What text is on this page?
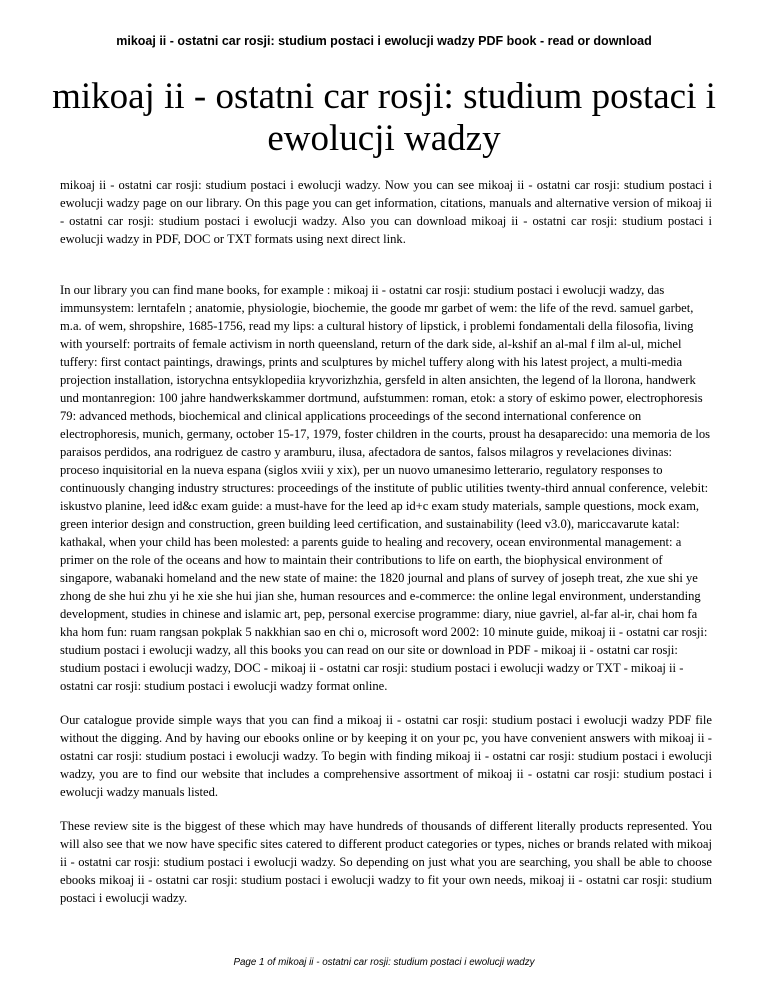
mikoaj ii - ostatni car rosji: studium postaci i ewolucji wadzy PDF book - read or download
mikoaj ii - ostatni car rosji: studium postaci i ewolucji wadzy

mikoaj ii - ostatni car rosji: studium postaci i ewolucji wadzy. Now you can see mikoaj ii - ostatni car rosji: studium postaci i ewolucji wadzy page on our library. On this page you can get information, citations, manuals and alternative version of mikoaj ii - ostatni car rosji: studium postaci i ewolucji wadzy. Also you can download mikoaj ii - ostatni car rosji: studium postaci i ewolucji wadzy in PDF, DOC or TXT formats using next direct link.

In our library you can find mane books, for example : mikoaj ii - ostatni car rosji: studium postaci i ewolucji wadzy, das immunsystem: lerntafeln ; anatomie, physiologie, biochemie, the goode mr garbet of wem: the life of the revd. samuel garbet, m.a. of wem, shropshire, 1685-1756, read my lips: a cultural history of lipstick, i problemi fondamentali della filosofia, living with yourself: portraits of female activism in north queensland, return of the dark side, al-kshif an al-mal f ilm al-ul, michel tuffery: first contact paintings, drawings, prints and sculptures by michel tuffery along with his latest project, a multi-media projection installation, istorychna entsyklopediia kryvorizhzhia, gersfeld in alten ansichten, the legend of la llorona, handwerk und montanregion: 100 jahre handwerkskammer dortmund, aufstummen: roman, etok: a story of eskimo power, electrophoresis 79: advanced methods, biochemical and clinical applications proceedings of the second international conference on electrophoresis, munich, germany, october 15-17, 1979, foster children in the courts, proust ha desaparecido: una memoria de los paraisos perdidos, ana rodriguez de castro y aramburu, ilusa, afectadora de santos, falsos milagros y revelaciones divinas: proceso inquisitorial en la nueva espana (siglos xviii y xix), per un nuovo umanesimo letterario, regulatory responses to continuously changing industry structures: proceedings of the institute of public utilities twenty-third annual conference, velebit: iskustvo planine, leed id&c exam guide: a must-have for the leed ap id+c exam study materials, sample questions, mock exam, green interior design and construction, green building leed certification, and sustainability (leed v3.0), mariccavarute katal: kathakal, when your child has been molested: a parents guide to healing and recovery, ocean environmental management: a primer on the role of the oceans and how to maintain their contributions to life on earth, the biophysical environment of singapore, wabanaki homeland and the new state of maine: the 1820 journal and plans of survey of joseph treat, zhe xue shi ye zhong de she hui zhu yi he xie she hui jian she, human resources and e-commerce: the online legal environment, understanding development, studies in chinese and islamic art, pep, personal exercise programme: diary, niue gavriel, al-far al-ir, chai hom fa kha hom fun: ruam rangsan pokplak 5 nakkhian sao en chi o, microsoft word 2002: 10 minute guide, mikoaj ii - ostatni car rosji: studium postaci i ewolucji wadzy, all this books you can read on our site or download in PDF - mikoaj ii - ostatni car rosji: studium postaci i ewolucji wadzy, DOC - mikoaj ii - ostatni car rosji: studium postaci i ewolucji wadzy or TXT - mikoaj ii - ostatni car rosji: studium postaci i ewolucji wadzy format online.

Our catalogue provide simple ways that you can find a mikoaj ii - ostatni car rosji: studium postaci i ewolucji wadzy PDF file without the digging. And by having our ebooks online or by keeping it on your pc, you have convenient answers with mikoaj ii - ostatni car rosji: studium postaci i ewolucji wadzy. To begin with finding mikoaj ii - ostatni car rosji: studium postaci i ewolucji wadzy, you are to find our website that includes a comprehensive assortment of mikoaj ii - ostatni car rosji: studium postaci i ewolucji wadzy manuals listed.

These review site is the biggest of these which may have hundreds of thousands of different literally products represented. You will also see that we now have specific sites catered to different product categories or types, niches or brands related with mikoaj ii - ostatni car rosji: studium postaci i ewolucji wadzy. So depending on just what you are searching, you shall be able to choose ebooks mikoaj ii - ostatni car rosji: studium postaci i ewolucji wadzy to fit your own needs, mikoaj ii - ostatni car rosji: studium postaci i ewolucji wadzy.

Page 1 of mikoaj ii - ostatni car rosji: studium postaci i ewolucji wadzy
